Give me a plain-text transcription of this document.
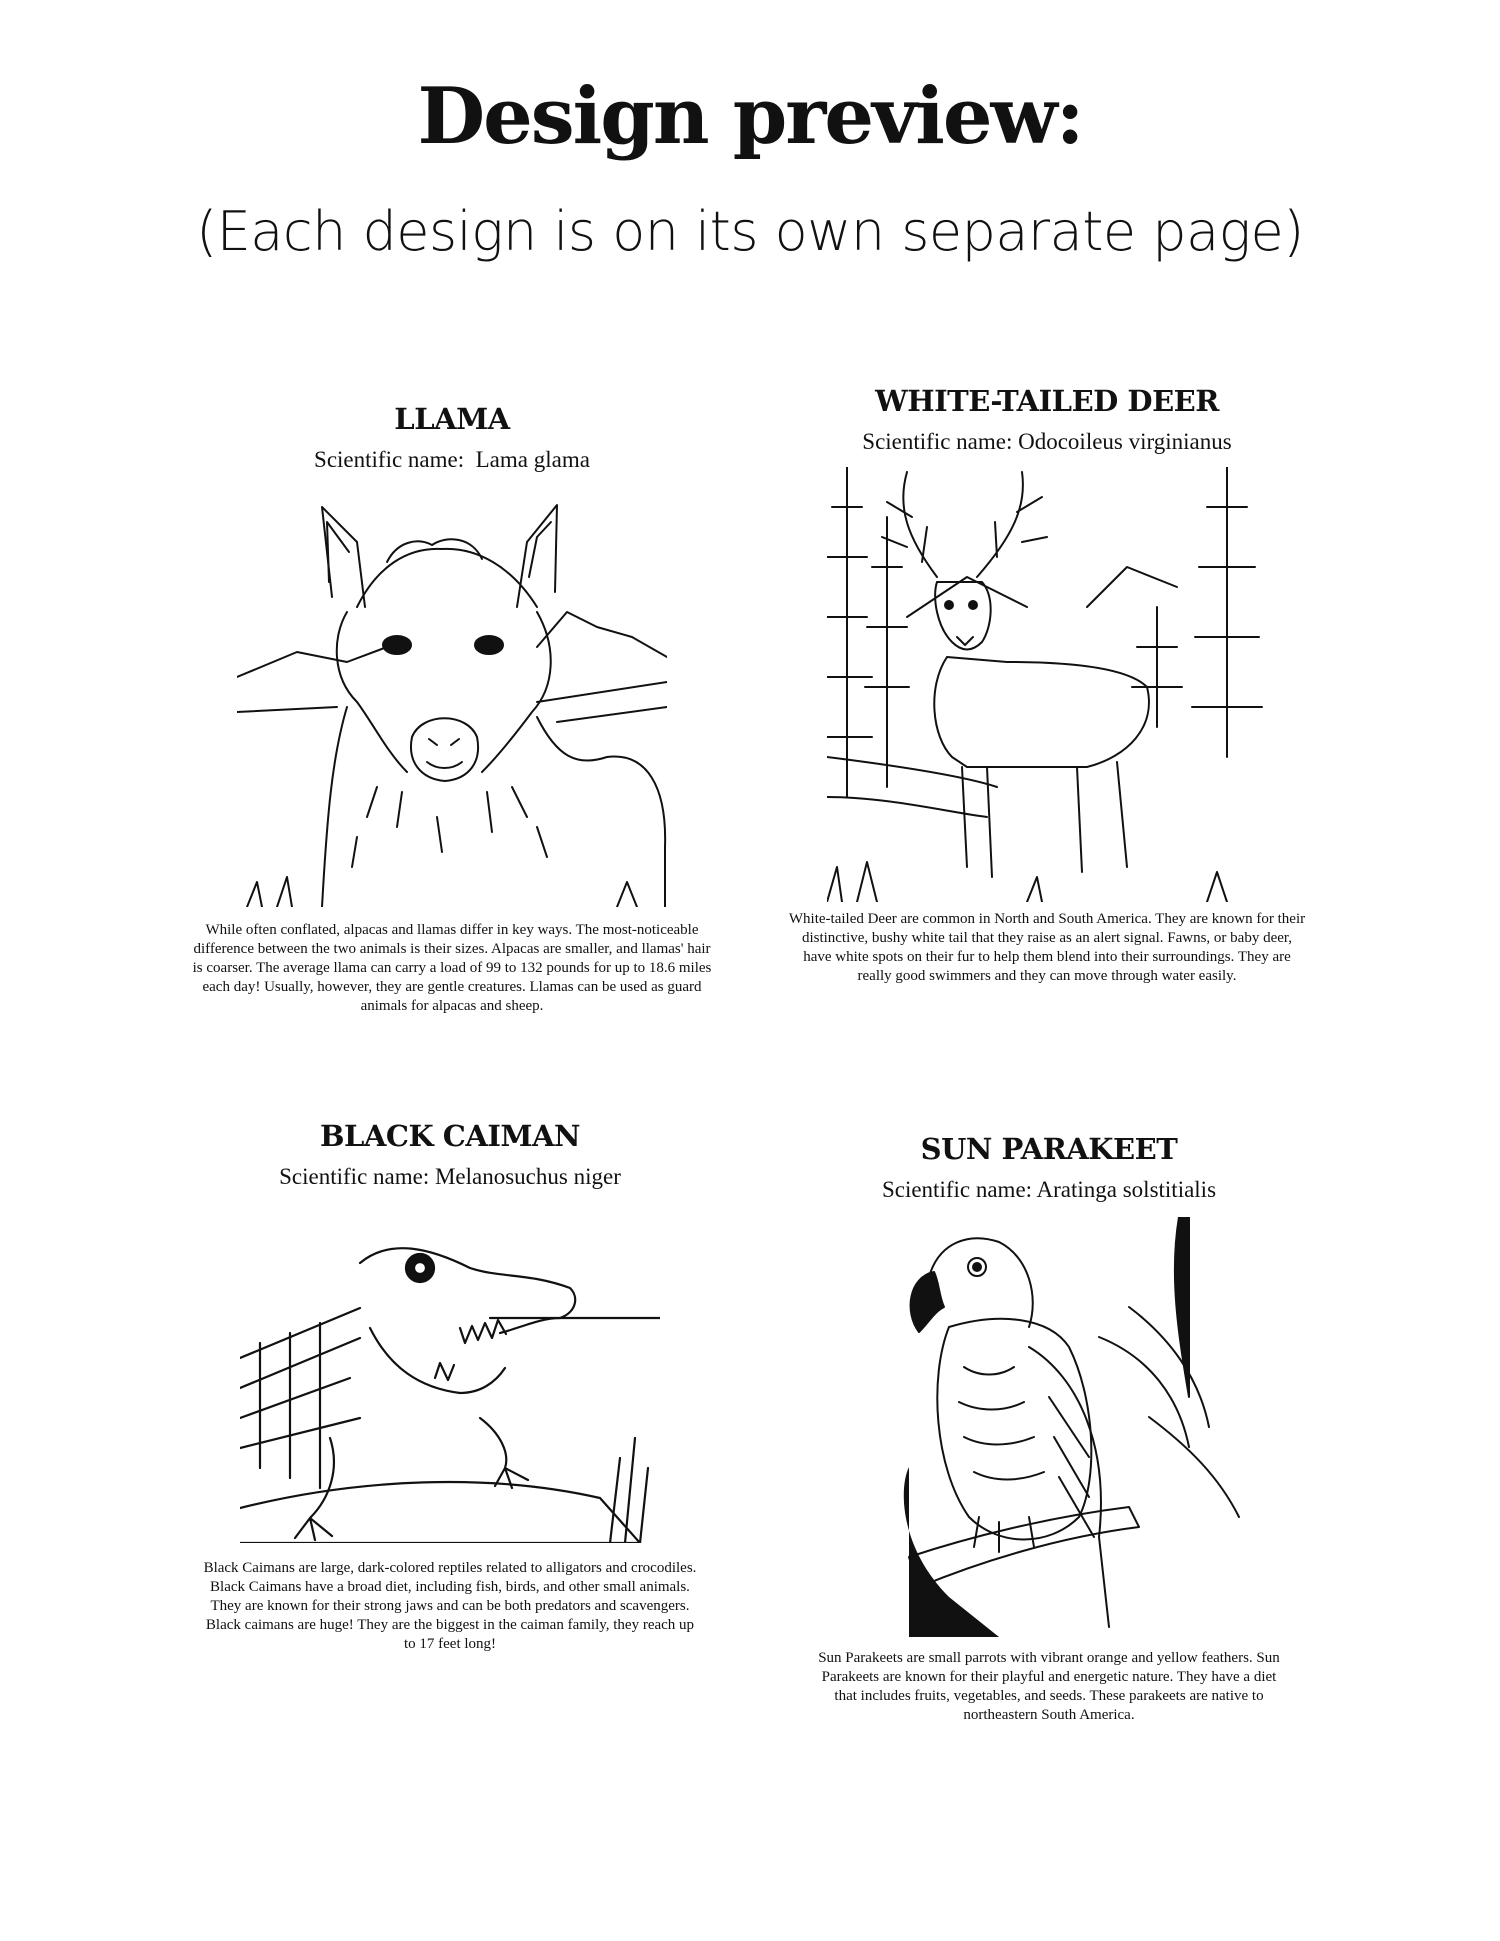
Design preview:

(Each design is on its own separate page)

LLAMA

Scientific name:  Lama glama

While often conflated, alpacas and llamas differ in key ways. The most-noticeable difference between the two animals is their sizes. Alpacas are smaller, and llamas' hair is coarser. The average llama can carry a load of 99 to 132 pounds for up to 18.6 miles each day! Usually, however, they are gentle creatures. Llamas can be used as guard animals for alpacas and sheep.

WHITE-TAILED DEER

Scientific name: Odocoileus virginianus

White-tailed Deer are common in North and South America. They are known for their distinctive, bushy white tail that they raise as an alert signal. Fawns, or baby deer, have white spots on their fur to help them blend into their surroundings. They are really good swimmers and they can move through water easily.

BLACK CAIMAN

Scientific name: Melanosuchus niger

Black Caimans are large, dark-colored reptiles related to alligators and crocodiles. Black Caimans have a broad diet, including fish, birds, and other small animals. They are known for their strong jaws and can be both predators and scavengers. Black caimans are huge! They are the biggest in the caiman family, they reach up to 17 feet long!

SUN PARAKEET

Scientific name: Aratinga solstitialis

Sun Parakeets are small parrots with vibrant orange and yellow feathers. Sun Parakeets are known for their playful and energetic nature. They have a diet that includes fruits, vegetables, and seeds. These parakeets are native to northeastern South America.
